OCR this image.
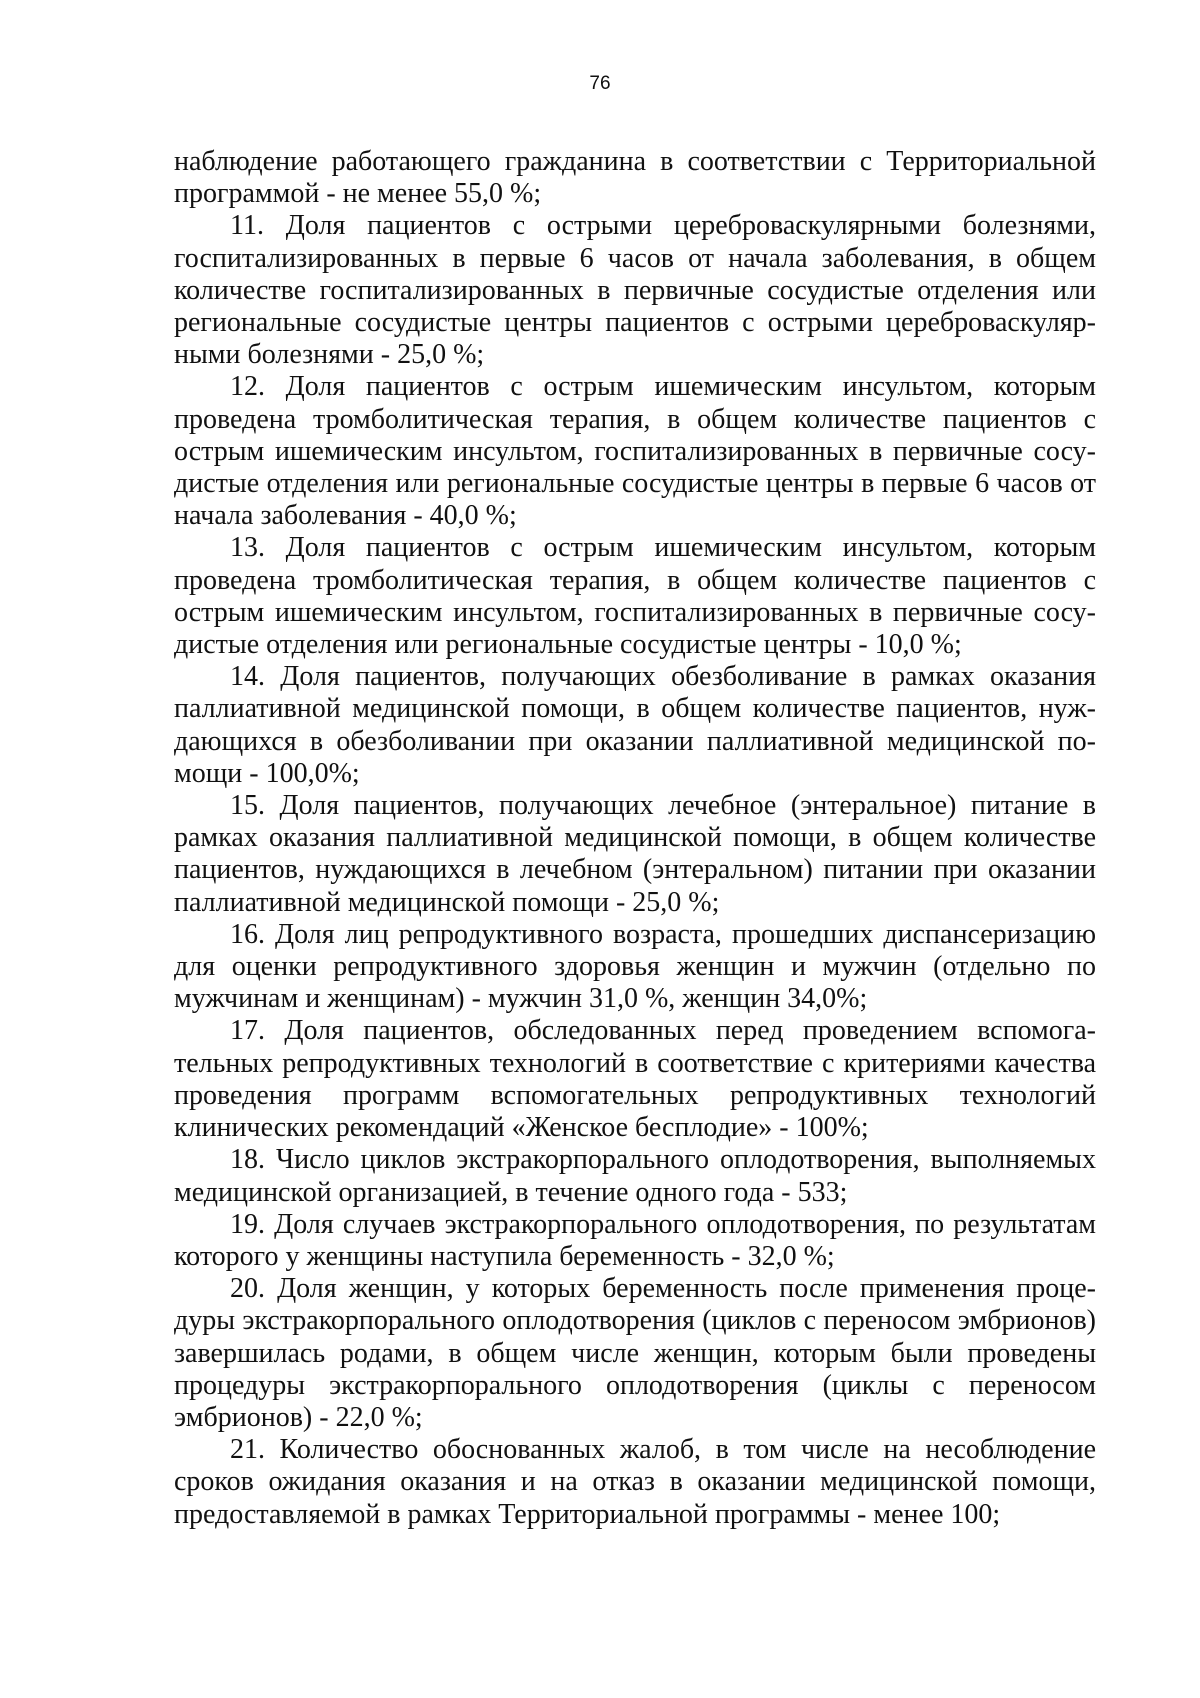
76

наблюдение работающего гражданина в соответствии с Территориальной программой - не менее 55,0 %;

11. Доля пациентов с острыми цереброваскулярными болезнями, госпитализированных в первые 6 часов от начала заболевания, в общем количестве госпитализированных в первичные сосудистые отделения или региональные сосудистые центры пациентов с острыми цереброваскулярными болезнями - 25,0 %;

12. Доля пациентов с острым ишемическим инсультом, которым проведена тромболитическая терапия, в общем количестве пациентов с острым ишемическим инсультом, госпитализированных в первичные сосудистые отделения или региональные сосудистые центры в первые 6 часов от начала заболевания - 40,0 %;

13. Доля пациентов с острым ишемическим инсультом, которым проведена тромболитическая терапия, в общем количестве пациентов с острым ишемическим инсультом, госпитализированных в первичные сосудистые отделения или региональные сосудистые центры - 10,0 %;

14. Доля пациентов, получающих обезболивание в рамках оказания паллиативной медицинской помощи, в общем количестве пациентов, нуждающихся в обезболивании при оказании паллиативной медицинской помощи - 100,0%;

15. Доля пациентов, получающих лечебное (энтеральное) питание в рамках оказания паллиативной медицинской помощи, в общем количестве пациентов, нуждающихся в лечебном (энтеральном) питании при оказании паллиативной медицинской помощи - 25,0 %;

16. Доля лиц репродуктивного возраста, прошедших диспансеризацию для оценки репродуктивного здоровья женщин и мужчин (отдельно по мужчинам и женщинам) - мужчин 31,0 %, женщин 34,0%;

17. Доля пациентов, обследованных перед проведением вспомогательных репродуктивных технологий в соответствие с критериями качества проведения программ вспомогательных репродуктивных технологий клинических рекомендаций «Женское бесплодие» - 100%;

18. Число циклов экстракорпорального оплодотворения, выполняемых медицинской организацией, в течение одного года - 533;

19. Доля случаев экстракорпорального оплодотворения, по результатам которого у женщины наступила беременность - 32,0 %;

20. Доля женщин, у которых беременность после применения процедуры экстракорпорального оплодотворения (циклов с переносом эмбрионов) завершилась родами, в общем числе женщин, которым были проведены процедуры экстракорпорального оплодотворения (циклы с переносом эмбрионов) - 22,0 %;

21. Количество обоснованных жалоб, в том числе на несоблюдение сроков ожидания оказания и на отказ в оказании медицинской помощи, предоставляемой в рамках Территориальной программы - менее 100;
